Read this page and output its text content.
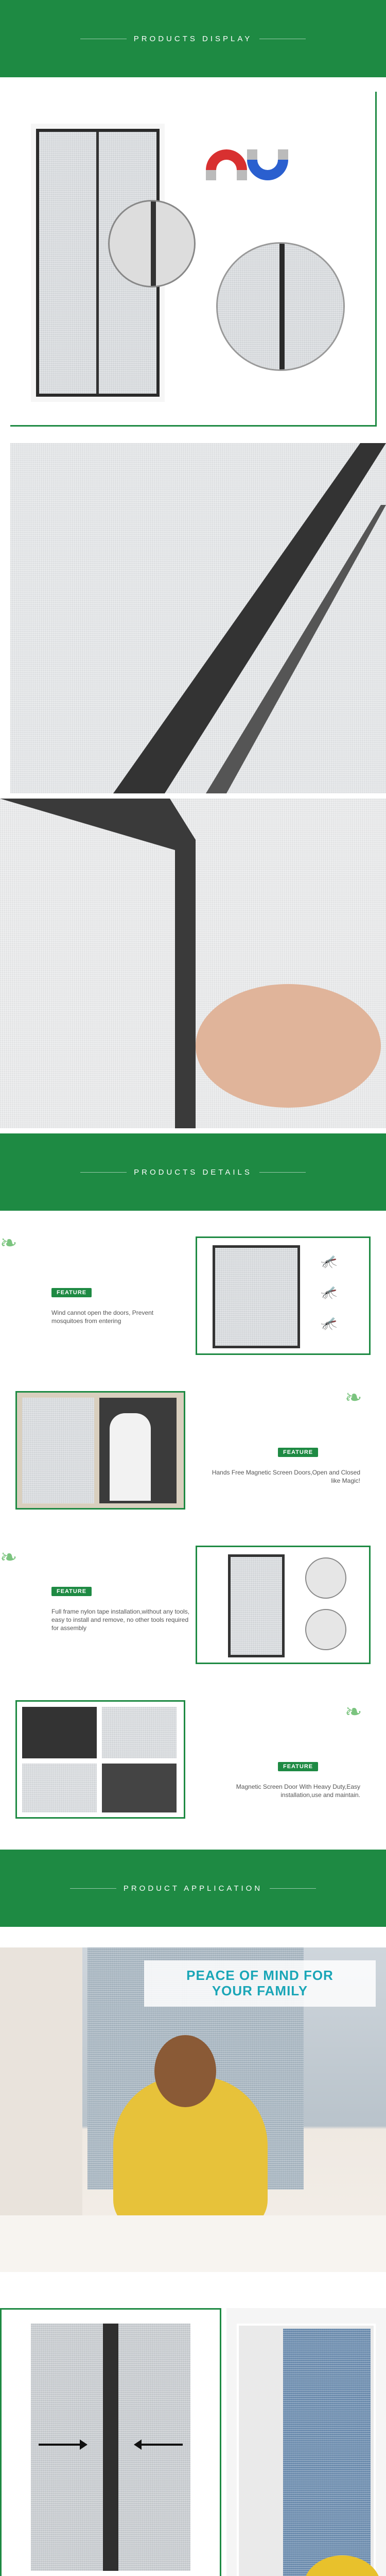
PRODUCTS DISPLAY
PRODUCTS DETAILS
❧
FEATURE
Wind cannot open the doors, Prevent mosquitoes from entering
🦟
🦟
🦟
❧
FEATURE
Hands Free Magnetic Screen Doors,Open and Closed like Magic!
❧
FEATURE
Full frame nylon tape installation,without any tools, easy to install and remove, no other tools required for assembly
❧
FEATURE
Magnetic Screen Door With Heavy Duty,Easy installation,use and maintain.
PRODUCT APPLICATION
PEACE OF MIND FOR
YOUR FAMILY
